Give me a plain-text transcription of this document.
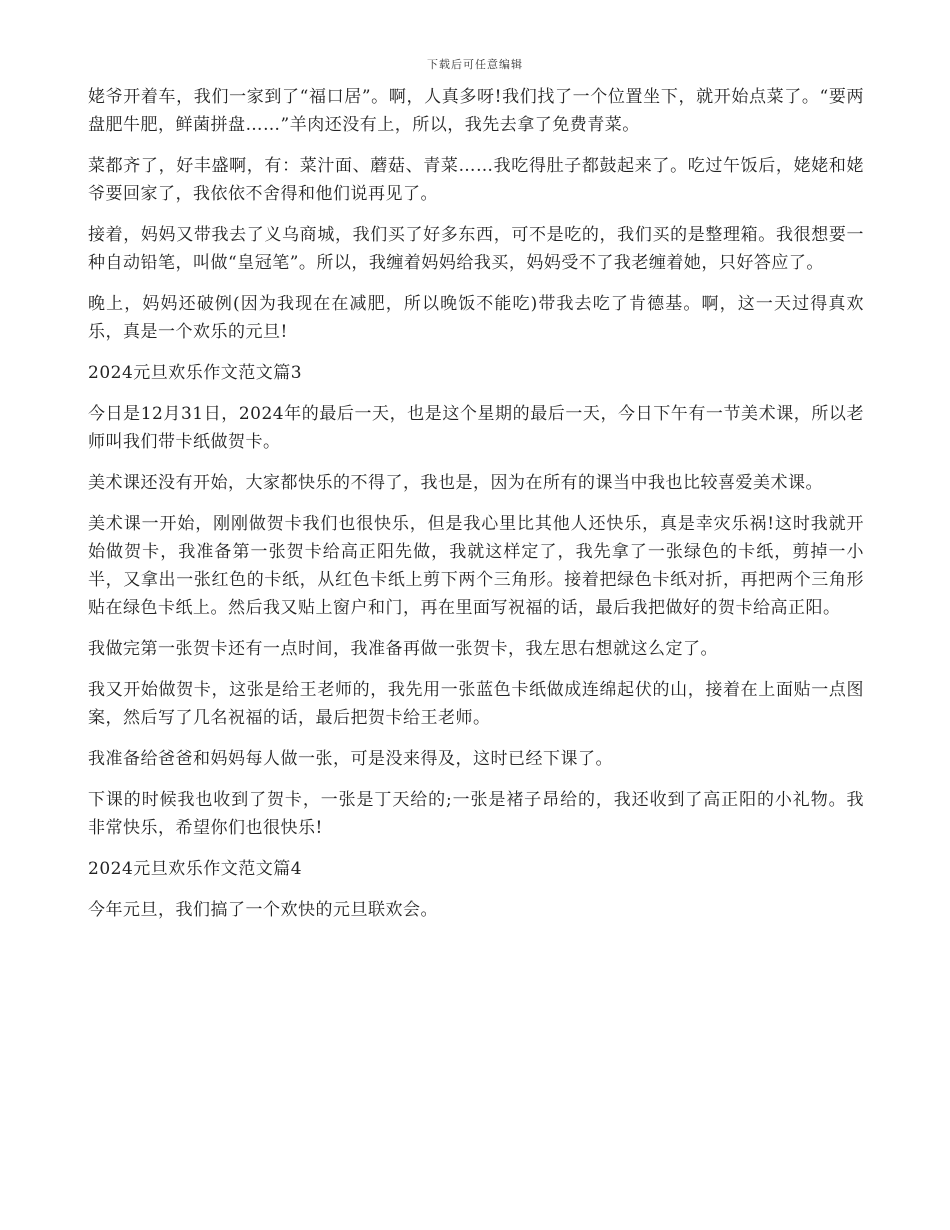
下载后可任意编辑

姥爷开着车，我们一家到了“福口居”。啊，人真多呀!我们找了一个位置坐下，就开始点菜了。“要两盘肥牛肥，鲜菌拼盘……”羊肉还没有上，所以，我先去拿了免费青菜。

菜都齐了，好丰盛啊，有：菜汁面、蘑菇、青菜……我吃得肚子都鼓起来了。吃过午饭后，姥姥和姥爷要回家了，我依依不舍得和他们说再见了。

接着，妈妈又带我去了义乌商城，我们买了好多东西，可不是吃的，我们买的是整理箱。我很想要一种自动铅笔，叫做“皇冠笔”。所以，我缠着妈妈给我买，妈妈受不了我老缠着她，只好答应了。

晚上，妈妈还破例(因为我现在在减肥，所以晚饭不能吃)带我去吃了肯德基。啊，这一天过得真欢乐，真是一个欢乐的元旦!

2024元旦欢乐作文范文篇3

今日是12月31日，2024年的最后一天，也是这个星期的最后一天，今日下午有一节美术课，所以老师叫我们带卡纸做贺卡。

美术课还没有开始，大家都快乐的不得了，我也是，因为在所有的课当中我也比较喜爱美术课。

美术课一开始，刚刚做贺卡我们也很快乐，但是我心里比其他人还快乐，真是幸灾乐祸!这时我就开始做贺卡，我准备第一张贺卡给高正阳先做，我就这样定了，我先拿了一张绿色的卡纸，剪掉一小半，又拿出一张红色的卡纸，从红色卡纸上剪下两个三角形。接着把绿色卡纸对折，再把两个三角形贴在绿色卡纸上。然后我又贴上窗户和门，再在里面写祝福的话，最后我把做好的贺卡给高正阳。

我做完第一张贺卡还有一点时间，我准备再做一张贺卡，我左思右想就这么定了。

我又开始做贺卡，这张是给王老师的，我先用一张蓝色卡纸做成连绵起伏的山，接着在上面贴一点图案，然后写了几名祝福的话，最后把贺卡给王老师。

我准备给爸爸和妈妈每人做一张，可是没来得及，这时已经下课了。

下课的时候我也收到了贺卡，一张是丁天给的;一张是褚子昂给的，我还收到了高正阳的小礼物。我非常快乐，希望你们也很快乐!

2024元旦欢乐作文范文篇4

今年元旦，我们搞了一个欢快的元旦联欢会。
